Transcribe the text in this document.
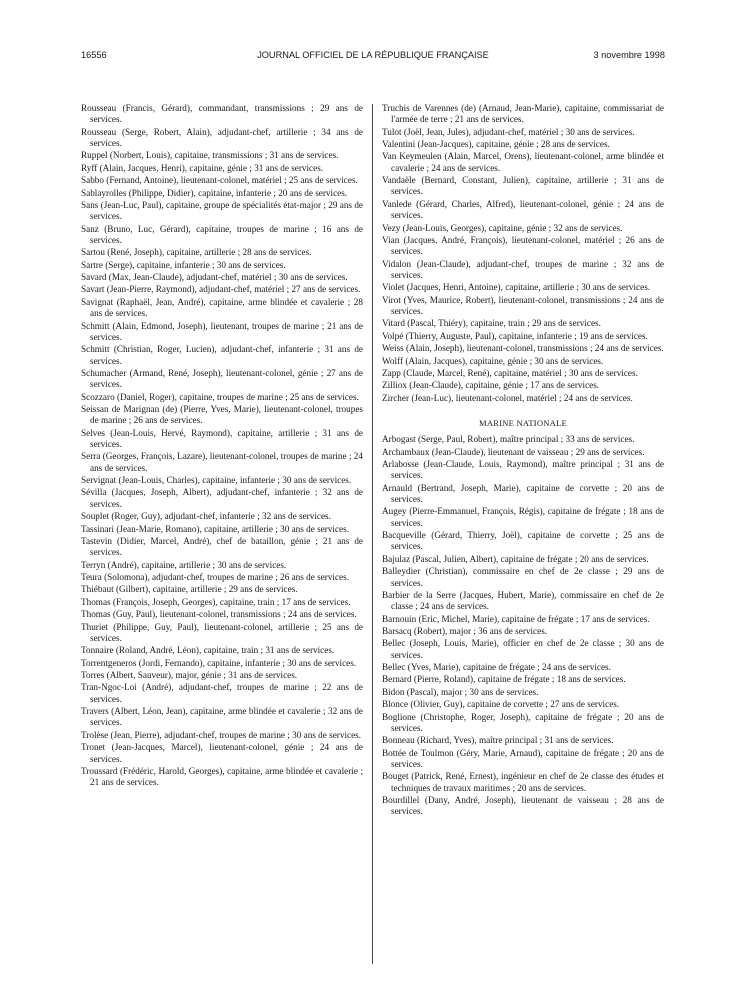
16556	JOURNAL OFFICIEL DE LA RÉPUBLIQUE FRANÇAISE	3 novembre 1998
Rousseau (Francis, Gérard), commandant, transmissions ; 29 ans de services.
Rousseau (Serge, Robert, Alain), adjudant-chef, artillerie ; 34 ans de services.
Ruppel (Norbert, Louis), capitaine, transmissions ; 31 ans de services.
Ryff (Alain, Jacques, Henri), capitaine, génie ; 31 ans de services.
Sabbo (Fernand, Antoine), lieutenant-colonel, matériel ; 25 ans de services.
Sablayrolles (Philippe, Didier), capitaine, infanterie ; 20 ans de services.
Sans (Jean-Luc, Paul), capitaine, groupe de spécialités état-major ; 29 ans de services.
Sanz (Bruno, Luc, Gérard), capitaine, troupes de marine ; 16 ans de services.
Sartou (René, Joseph), capitaine, artillerie ; 28 ans de services.
Sartre (Serge), capitaine, infanterie ; 30 ans de services.
Savard (Max, Jean-Claude), adjudant-chef, matériel ; 30 ans de services.
Savart (Jean-Pierre, Raymond), adjudant-chef, matériel ; 27 ans de services.
Savignat (Raphaël, Jean, André), capitaine, arme blindée et cavalerie ; 28 ans de services.
Schmitt (Alain, Edmond, Joseph), lieutenant, troupes de marine ; 21 ans de services.
Schmitt (Christian, Roger, Lucien), adjudant-chef, infanterie ; 31 ans de services.
Schumacher (Armand, René, Joseph), lieutenant-colonel, génie ; 27 ans de services.
Scozzaro (Daniel, Roger), capitaine, troupes de marine ; 25 ans de services.
Seissan de Marignan (de) (Pierre, Yves, Marie), lieutenant-colonel, troupes de marine ; 26 ans de services.
Selves (Jean-Louis, Hervé, Raymond), capitaine, artillerie ; 31 ans de services.
Serra (Georges, François, Lazare), lieutenant-colonel, troupes de marine ; 24 ans de services.
Servignat (Jean-Louis, Charles), capitaine, infanterie ; 30 ans de services.
Sévilla (Jacques, Joseph, Albert), adjudant-chef, infanterie ; 32 ans de services.
Souplet (Roger, Guy), adjudant-chef, infanterie ; 32 ans de services.
Tassinari (Jean-Marie, Romano), capitaine, artillerie ; 30 ans de services.
Tastevin (Didier, Marcel, André), chef de bataillon, génie ; 21 ans de services.
Terryn (André), capitaine, artillerie ; 30 ans de services.
Teura (Solomona), adjudant-chef, troupes de marine ; 26 ans de services.
Thiébaut (Gilbert), capitaine, artillerie ; 29 ans de services.
Thomas (François, Joseph, Georges), capitaine, train ; 17 ans de services.
Thomas (Guy, Paul), lieutenant-colonel, transmissions ; 24 ans de services.
Thuriet (Philippe, Guy, Paul), lieutenant-colonel, artillerie ; 25 ans de services.
Tonnaire (Roland, André, Léon), capitaine, train ; 31 ans de services.
Torrentgeneros (Jordi, Fernando), capitaine, infanterie ; 30 ans de services.
Torres (Albert, Sauveur), major, génie ; 31 ans de services.
Tran-Ngoc-Loi (André), adjudant-chef, troupes de marine ; 22 ans de services.
Travers (Albert, Léon, Jean), capitaine, arme blindée et cavalerie ; 32 ans de services.
Trolèse (Jean, Pierre), adjudant-chef, troupes de marine ; 30 ans de services.
Tronet (Jean-Jacques, Marcel), lieutenant-colonel, génie ; 24 ans de services.
Troussard (Frédéric, Harold, Georges), capitaine, arme blindée et cavalerie ; 21 ans de services.
Truchis de Varennes (de) (Arnaud, Jean-Marie), capitaine, commissariat de l'armée de terre ; 21 ans de services.
Tulot (Joël, Jean, Jules), adjudant-chef, matériel ; 30 ans de services.
Valentini (Jean-Jacques), capitaine, génie ; 28 ans de services.
Van Keymeulen (Alain, Marcel, Orens), lieutenant-colonel, arme blindée et cavalerie ; 24 ans de services.
Vandaële (Bernard, Constant, Julien), capitaine, artillerie ; 31 ans de services.
Vanlede (Gérard, Charles, Alfred), lieutenant-colonel, génie ; 24 ans de services.
Vezy (Jean-Louis, Georges), capitaine, génie ; 32 ans de services.
Vian (Jacques, André, François), lieutenant-colonel, matériel ; 26 ans de services.
Vidalon (Jean-Claude), adjudant-chef, troupes de marine ; 32 ans de services.
Violet (Jacques, Henri, Antoine), capitaine, artillerie ; 30 ans de services.
Virot (Yves, Maurice, Robert), lieutenant-colonel, transmissions ; 24 ans de services.
Vitard (Pascal, Thiéry), capitaine, train ; 29 ans de services.
Volpé (Thierry, Auguste, Paul), capitaine, infanterie ; 19 ans de services.
Weiss (Alain, Joseph), lieutenant-colonel, transmissions ; 24 ans de services.
Wolff (Alain, Jacques), capitaine, génie ; 30 ans de services.
Zapp (Claude, Marcel, René), capitaine, matériel ; 30 ans de services.
Zilliox (Jean-Claude), capitaine, génie ; 17 ans de services.
Zircher (Jean-Luc), lieutenant-colonel, matériel ; 24 ans de services.
MARINE NATIONALE
Arbogast (Serge, Paul, Robert), maître principal ; 33 ans de services.
Archambaux (Jean-Claude), lieutenant de vaisseau ; 29 ans de services.
Arlabosse (Jean-Claude, Louis, Raymond), maître principal ; 31 ans de services.
Arnauld (Bertrand, Joseph, Marie), capitaine de corvette ; 20 ans de services.
Augey (Pierre-Emmanuel, François, Régis), capitaine de frégate ; 18 ans de services.
Bacqueville (Gérard, Thierry, Joël), capitaine de corvette ; 25 ans de services.
Bajulaz (Pascal, Julien, Albert), capitaine de frégate ; 20 ans de services.
Balleydier (Christian), commissaire en chef de 2e classe ; 29 ans de services.
Barbier de la Serre (Jacques, Hubert, Marie), commissaire en chef de 2e classe ; 24 ans de services.
Barnouin (Eric, Michel, Marie), capitaine de frégate ; 17 ans de services.
Barsacq (Robert), major ; 36 ans de services.
Bellec (Joseph, Louis, Marie), officier en chef de 2e classe ; 30 ans de services.
Bellec (Yves, Marie), capitaine de frégate ; 24 ans de services.
Bernard (Pierre, Roland), capitaine de frégate ; 18 ans de services.
Bidon (Pascal), major ; 30 ans de services.
Blonce (Olivier, Guy), capitaine de corvette ; 27 ans de services.
Boglione (Christophe, Roger, Joseph), capitaine de frégate ; 20 ans de services.
Bonneau (Richard, Yves), maître principal ; 31 ans de services.
Bottée de Toulmon (Géry, Marie, Arnaud), capitaine de frégate ; 20 ans de services.
Bouget (Patrick, René, Ernest), ingénieur en chef de 2e classe des études et techniques de travaux maritimes ; 20 ans de services.
Bourdillel (Dany, André, Joseph), lieutenant de vaisseau ; 28 ans de services.
